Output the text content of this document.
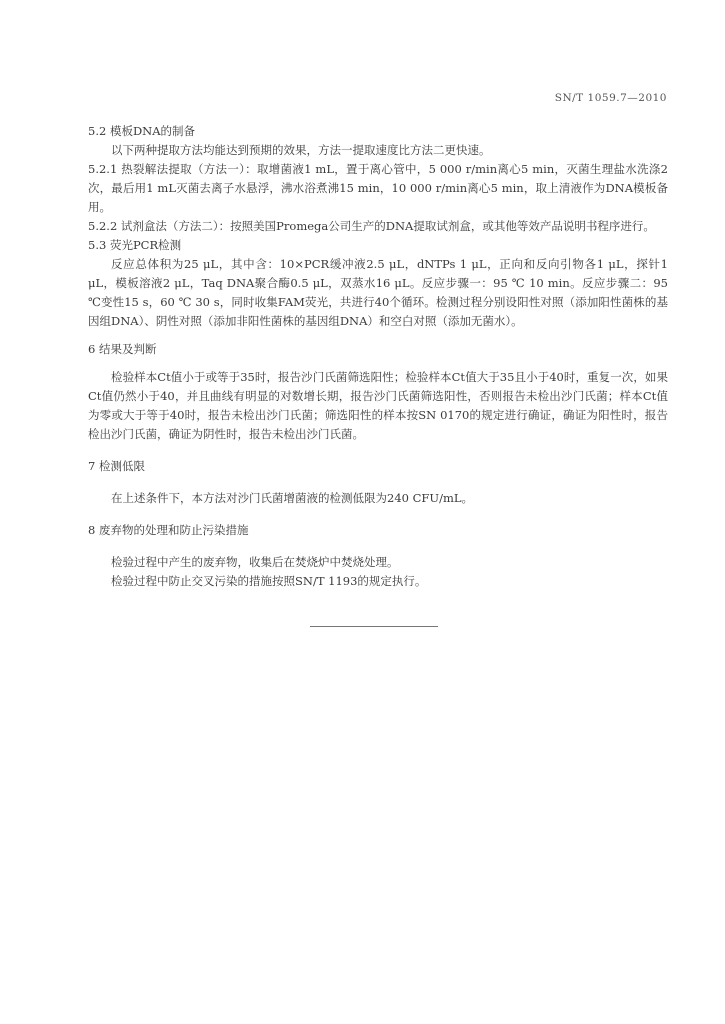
SN/T 1059.7—2010

5.2 模板DNA的制备

以下两种提取方法均能达到预期的效果，方法一提取速度比方法二更快速。

5.2.1 热裂解法提取（方法一）：取增菌液1 mL，置于离心管中，5 000 r/min离心5 min，灭菌生理盐水洗涤2次，最后用1 mL灭菌去离子水悬浮，沸水浴煮沸15 min，10 000 r/min离心5 min，取上清液作为DNA模板备用。

5.2.2 试剂盒法（方法二）：按照美国Promega公司生产的DNA提取试剂盒，或其他等效产品说明书程序进行。

5.3 荧光PCR检测

反应总体积为25 μL，其中含：10×PCR缓冲液2.5 μL，dNTPs 1 μL，正向和反向引物各1 μL，探针1 μL，模板溶液2 μL，Taq DNA聚合酶0.5 μL，双蒸水16 μL。反应步骤一：95 ℃ 10 min。反应步骤二：95 ℃变性15 s，60 ℃ 30 s，同时收集FAM荧光，共进行40个循环。检测过程分别设阳性对照（添加阳性菌株的基因组DNA）、阴性对照（添加非阳性菌株的基因组DNA）和空白对照（添加无菌水）。

6 结果及判断

检验样本Ct值小于或等于35时，报告沙门氏菌筛选阳性；检验样本Ct值大于35且小于40时，重复一次，如果Ct值仍然小于40，并且曲线有明显的对数增长期，报告沙门氏菌筛选阳性，否则报告未检出沙门氏菌；样本Ct值为零或大于等于40时，报告未检出沙门氏菌；筛选阳性的样本按SN 0170的规定进行确证，确证为阳性时，报告检出沙门氏菌，确证为阴性时，报告未检出沙门氏菌。

7 检测低限

在上述条件下，本方法对沙门氏菌增菌液的检测低限为240 CFU/mL。

8 废弃物的处理和防止污染措施

检验过程中产生的废弃物，收集后在焚烧炉中焚烧处理。

检验过程中防止交叉污染的措施按照SN/T 1193的规定执行。
